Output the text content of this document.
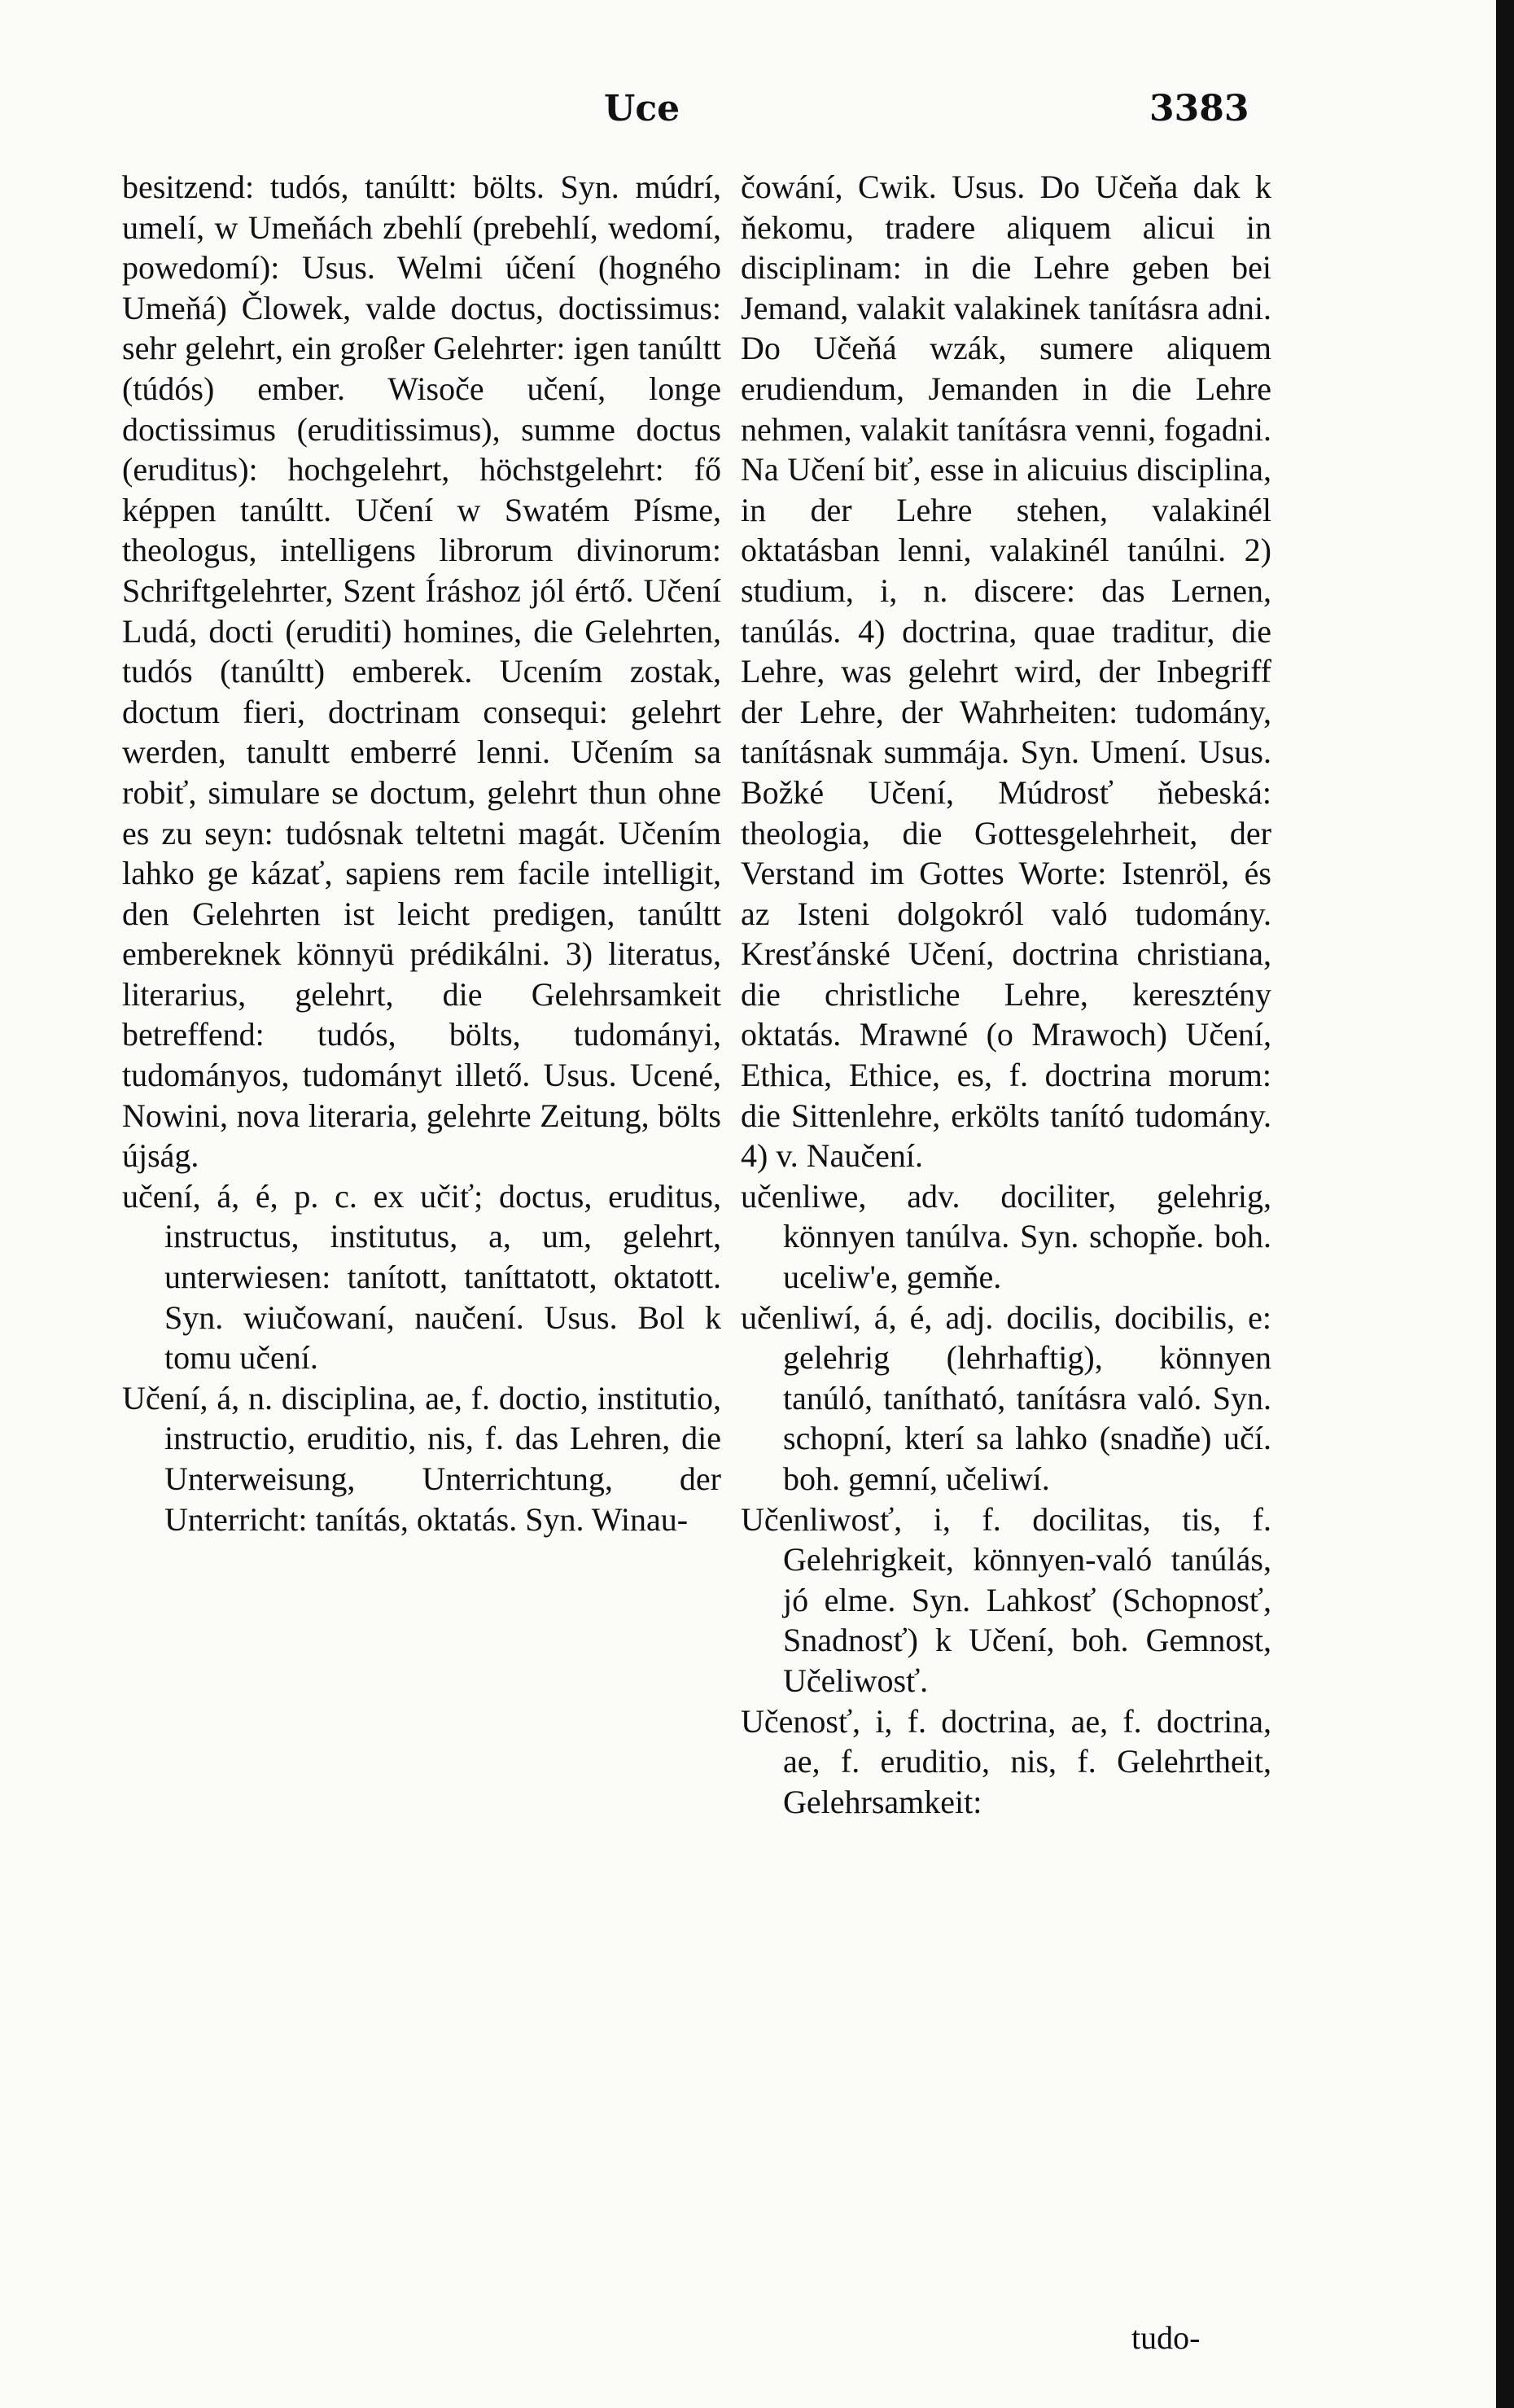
Uce	3383

besitzend: tudós, tanúltt: bölts. Syn. múdrí, umelí, w Umeňách zbehlí (prebehlí, wedomí, powedomí): Usus. Welmi účení (hogného Umeňá) Člowek, valde doctus, doctissimus: sehr gelehrt, ein großer Gelehrter: igen tanúltt (túdós) ember. Wisoče učení, longe doctissimus (eruditissimus), summe doctus (eruditus): hochgelehrt, höchstgelehrt: fő képpen tanúltt. Učení w Swatém Písme, theologus, intelligens librorum divinorum: Schriftgelehrter, Szent Íráshoz jól értő. Učení Ludá, docti (eruditi) homines, die Gelehrten, tudós (tanúltt) emberek. Ucením zostak, doctum fieri, doctrinam consequi: gelehrt werden, tanultt emberré lenni. Učením sa robiť, simulare se doctum, gelehrt thun ohne es zu seyn: tudósnak teltetni magát. Učením lahko ge kázať, sapiens rem facile intelligit, den Gelehrten ist leicht predigen, tanúltt embereknek könnyü prédikálni. 3) literatus, literarius, gelehrt, die Gelehrsamkeit betreffend: tudós, bölts, tudományi, tudományos, tudományt illető. Usus. Ucené, Nowini, nova literaria, gelehrte Zeitung, bölts újság.

učení, á, é, p. c. ex učiť; doctus, eruditus, instructus, institutus, a, um, gelehrt, unterwiesen: tanított, taníttatott, oktatott. Syn. wiučowaní, naučení. Usus. Bol k tomu učení.

Učení, á, n. disciplina, ae, f. doctio, institutio, instructio, eruditio, nis, f. das Lehren, die Unterweisung, Unterrichtung, der Unterricht: tanítás, oktatás. Syn. Winau-

čowání, Cwik. Usus. Do Učeňa dak k ňekomu, tradere aliquem alicui in disciplinam: in die Lehre geben bei Jemand, valakit valakinek tanításra adni. Do Učeňá wzák, sumere aliquem erudiendum, Jemanden in die Lehre nehmen, valakit tanításra venni, fogadni. Na Učení biť, esse in alicuius disciplina, in der Lehre stehen, valakinél oktatásban lenni, valakinél tanúlni. 2) studium, i, n. discere: das Lernen, tanúlás. 4) doctrina, quae traditur, die Lehre, was gelehrt wird, der Inbegriff der Lehre, der Wahrheiten: tudomány, tanításnak summája. Syn. Umení. Usus. Božké Učení, Múdrosť ňebeská: theologia, die Gottesgelehrheit, der Verstand im Gottes Worte: Istenröl, és az Isteni dolgokról való tudomány. Kresťánské Učení, doctrina christiana, die christliche Lehre, keresztény oktatás. Mrawné (o Mrawoch) Učení, Ethica, Ethice, es, f. doctrina morum: die Sittenlehre, erkölts tanító tudomány. 4) v. Naučení.

učenliwe, adv. dociliter, gelehrig, könnyen tanúlva. Syn. schopňe. boh. uceliw'e, gemňe.

učenliwí, á, é, adj. docilis, docibilis, e: gelehrig (lehrhaftig), könnyen tanúló, tanítható, tanításra való. Syn. schopní, kterí sa lahko (snadňe) učí. boh. gemní, učeliwí.

Učenliwosť, i, f. docilitas, tis, f. Gelehrigkeit, könnyen-való tanúlás, jó elme. Syn. Lahkosť (Schopnosť, Snadnosť) k Učení, boh. Gemnost, Učeliwosť.

Učenosť, i, f. doctrina, ae, f. doctrina, ae, f. eruditio, nis, f. Gelehrtheit, Gelehrsamkeit:

tudo-
